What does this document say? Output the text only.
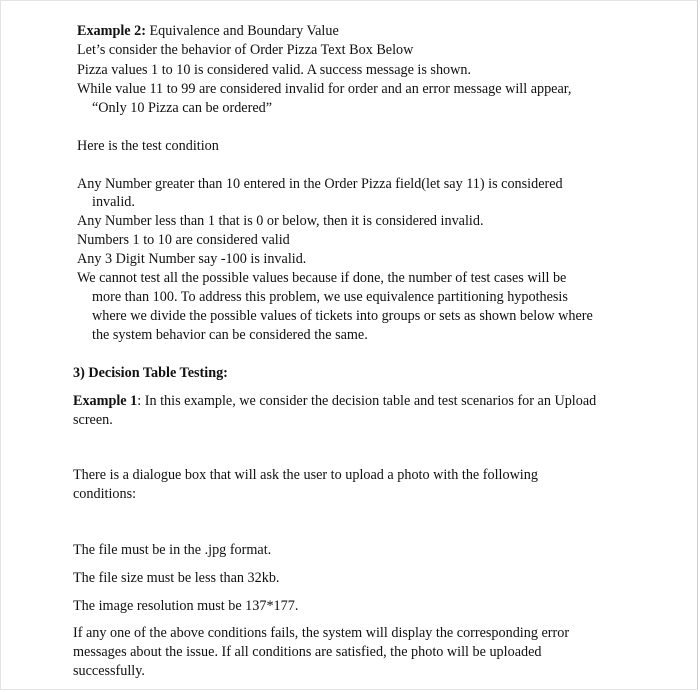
Example 2: Equivalence and Boundary Value

Let’s consider the behavior of Order Pizza Text Box Below

Pizza values 1 to 10 is considered valid. A success message is shown.

While value 11 to 99 are considered invalid for order and an error message will appear,

“Only 10 Pizza can be ordered”

Here is the test condition

Any Number greater than 10 entered in the Order Pizza field(let say 11) is considered

invalid.

Any Number less than 1 that is 0 or below, then it is considered invalid.

Numbers 1 to 10 are considered valid

Any 3 Digit Number say -100 is invalid.

We cannot test all the possible values because if done, the number of test cases will be

more than 100. To address this problem, we use equivalence partitioning hypothesis

where we divide the possible values of tickets into groups or sets as shown below where

the system behavior can be considered the same.

3) Decision Table Testing:

Example 1: In this example, we consider the decision table and test scenarios for an Upload

screen.

There is a dialogue box that will ask the user to upload a photo with the following

conditions:

The file must be in the .jpg format.

The file size must be less than 32kb.

The image resolution must be 137*177.

If any one of the above conditions fails, the system will display the corresponding error

messages about the issue. If all conditions are satisfied, the photo will be uploaded

successfully.
